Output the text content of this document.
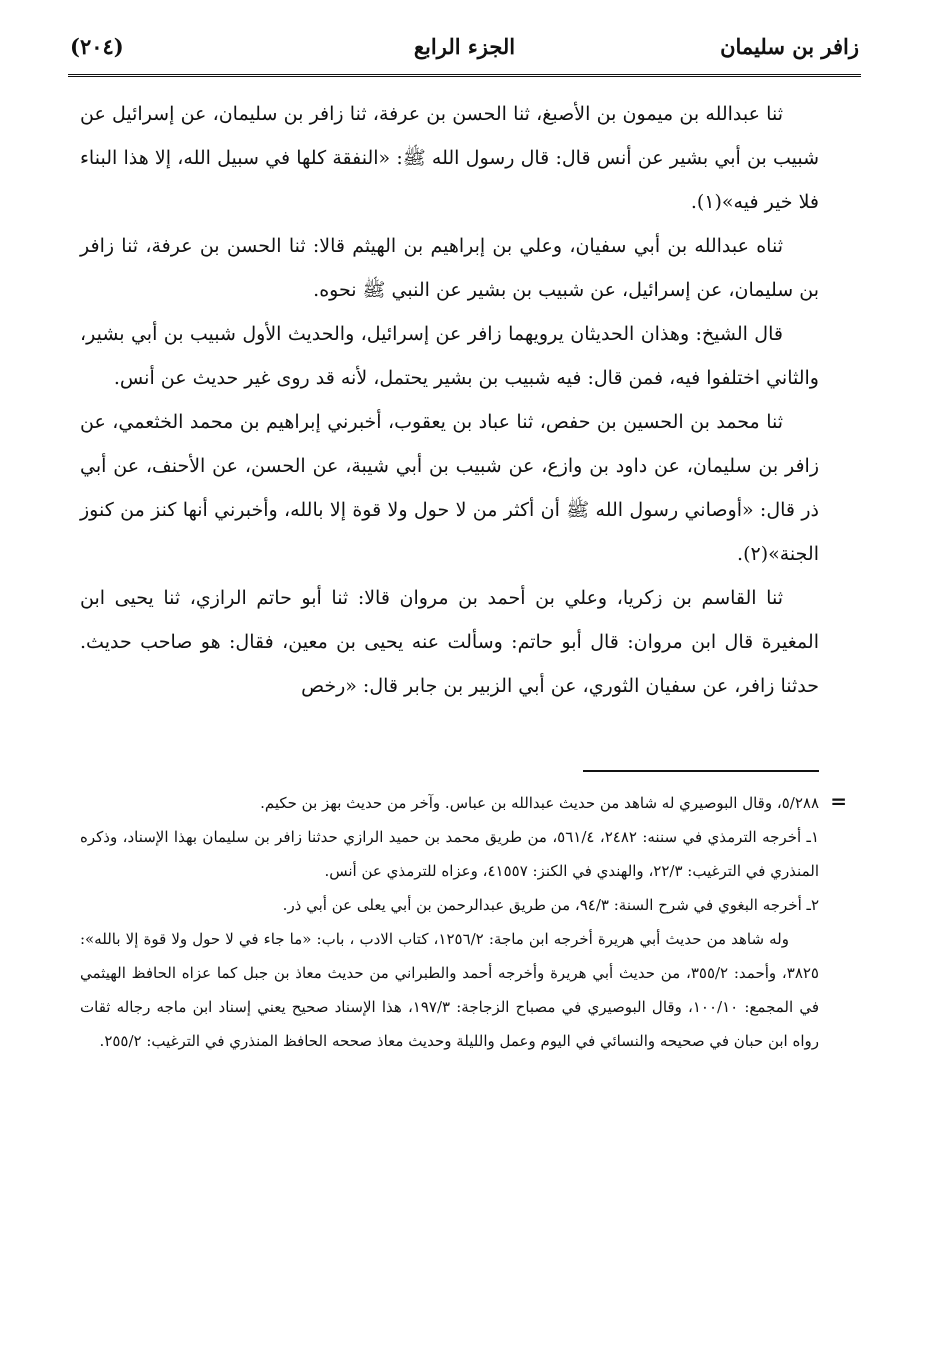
(٢٠٤)	الجزء الرابع	زافر بن سليمان

ثنا عبدالله بن ميمون بن الأصبغ، ثنا الحسن بن عرفة، ثنا زافر بن سليمان، عن إسرائيل عن شبيب بن أبي بشير عن أنس قال: قال رسول الله ﷺ: «النفقة كلها في سبيل الله، إلا هذا البناء فلا خير فيه»(١).

ثناه عبدالله بن أبي سفيان، وعلي بن إبراهيم بن الهيثم قالا: ثنا الحسن بن عرفة، ثنا زافر بن سليمان، عن إسرائيل، عن شبيب بن بشير عن النبي ﷺ نحوه.

قال الشيخ: وهذان الحديثان يرويهما زافر عن إسرائيل، والحديث الأول شبيب بن أبي بشير، والثاني اختلفوا فيه، فمن قال: فيه شبيب بن بشير يحتمل، لأنه قد روى غير حديث عن أنس.

ثنا محمد بن الحسين بن حفص، ثنا عباد بن يعقوب، أخبرني إبراهيم بن محمد الخثعمي، عن زافر بن سليمان، عن داود بن وازع، عن شبيب بن أبي شيبة، عن الحسن، عن الأحنف، عن أبي ذر قال: «أوصاني رسول الله ﷺ أن أكثر من لا حول ولا قوة إلا بالله، وأخبرني أنها كنز من كنوز الجنة»(٢).

ثنا القاسم بن زكريا، وعلي بن أحمد بن مروان قالا: ثنا أبو حاتم الرازي، ثنا يحيى ابن المغيرة قال ابن مروان: قال أبو حاتم: وسألت عنه يحيى بن معين، فقال: هو صاحب حديث. حدثنا زافر، عن سفيان الثوري، عن أبي الزبير بن جابر قال: «رخص

=

٥/٢٨٨، وقال البوصيري له شاهد من حديث عبدالله بن عباس. وآخر من حديث بهز بن حكيم.

١ـ أخرجه الترمذي في سننه: ٢٤٨٢، ٥٦١/٤، من طريق محمد بن حميد الرازي حدثنا زافر بن سليمان بهذا الإسناد، وذكره المنذري في الترغيب: ٢٢/٣، والهندي في الكنز: ٤١٥٥٧، وعزاه للترمذي عن أنس.

٢ـ أخرجه البغوي في شرح السنة: ٩٤/٣، من طريق عبدالرحمن بن أبي يعلى عن أبي ذر.

وله شاهد من حديث أبي هريرة أخرجه ابن ماجة: ١٢٥٦/٢، كتاب الادب ، باب: «ما جاء في لا حول ولا قوة إلا بالله»: ٣٨٢٥، وأحمد: ٣٥٥/٢، من حديث أبي هريرة وأخرجه أحمد والطبراني من حديث معاذ بن جبل كما عزاه الحافظ الهيثمي في المجمع: ١٠٠/١٠، وقال البوصيري في مصباح الزجاجة: ١٩٧/٣، هذا الإسناد صحيح يعني إسناد ابن ماجه رجاله ثقات رواه ابن حبان في صحيحه والنسائي في اليوم وعمل والليلة وحديث معاذ صححه الحافظ المنذري في الترغيب: ٢٥٥/٢.
